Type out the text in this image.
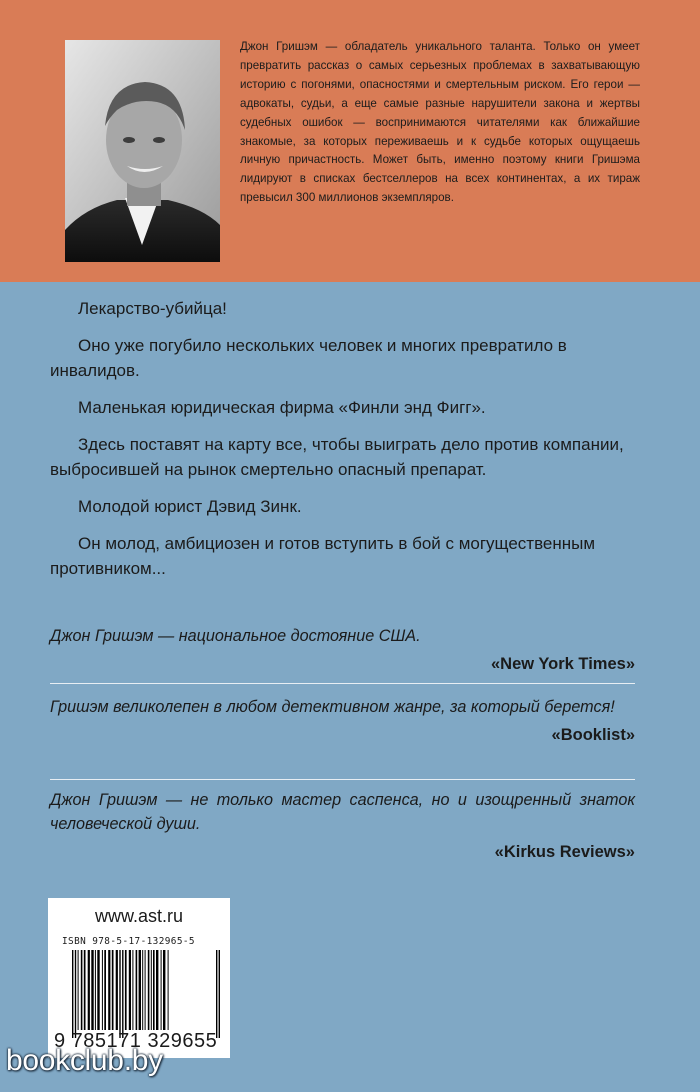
Джон Гришэм — обладатель уникального таланта. Только он умеет превратить рассказ о самых серьезных проблемах в захватывающую историю с погонями, опасностями и смертельным риском. Его герои — адвокаты, судьи, а еще самые разные нарушители закона и жертвы судебных ошибок — воспринимаются читателями как ближайшие знакомые, за которых переживаешь и к судьбе которых ощущаешь личную причастность. Может быть, именно поэтому книги Гришэма лидируют в списках бестселлеров на всех континентах, а их тираж превысил 300 миллионов экземпляров.

Лекарство-убийца!

Оно уже погубило нескольких человек и многих превратило в инвалидов.

Маленькая юридическая фирма «Финли энд Фигг».

Здесь поставят на карту все, чтобы выиграть дело против компании, выбросившей на рынок смертельно опасный препарат.

Молодой юрист Дэвид Зинк.

Он молод, амбициозен и готов вступить в бой с могущественным противником...

Джон Гришэм — национальное достояние США.
«New York Times»
Гришэм великолепен в любом детективном жанре, за который берется!
«Booklist»
Джон Гришэм — не только мастер саспенса, но и изощренный знаток человеческой души.
«Kirkus Reviews»
www.ast.ru
ISBN 978-5-17-132965-5
9 785171 329655
bookclub.by
